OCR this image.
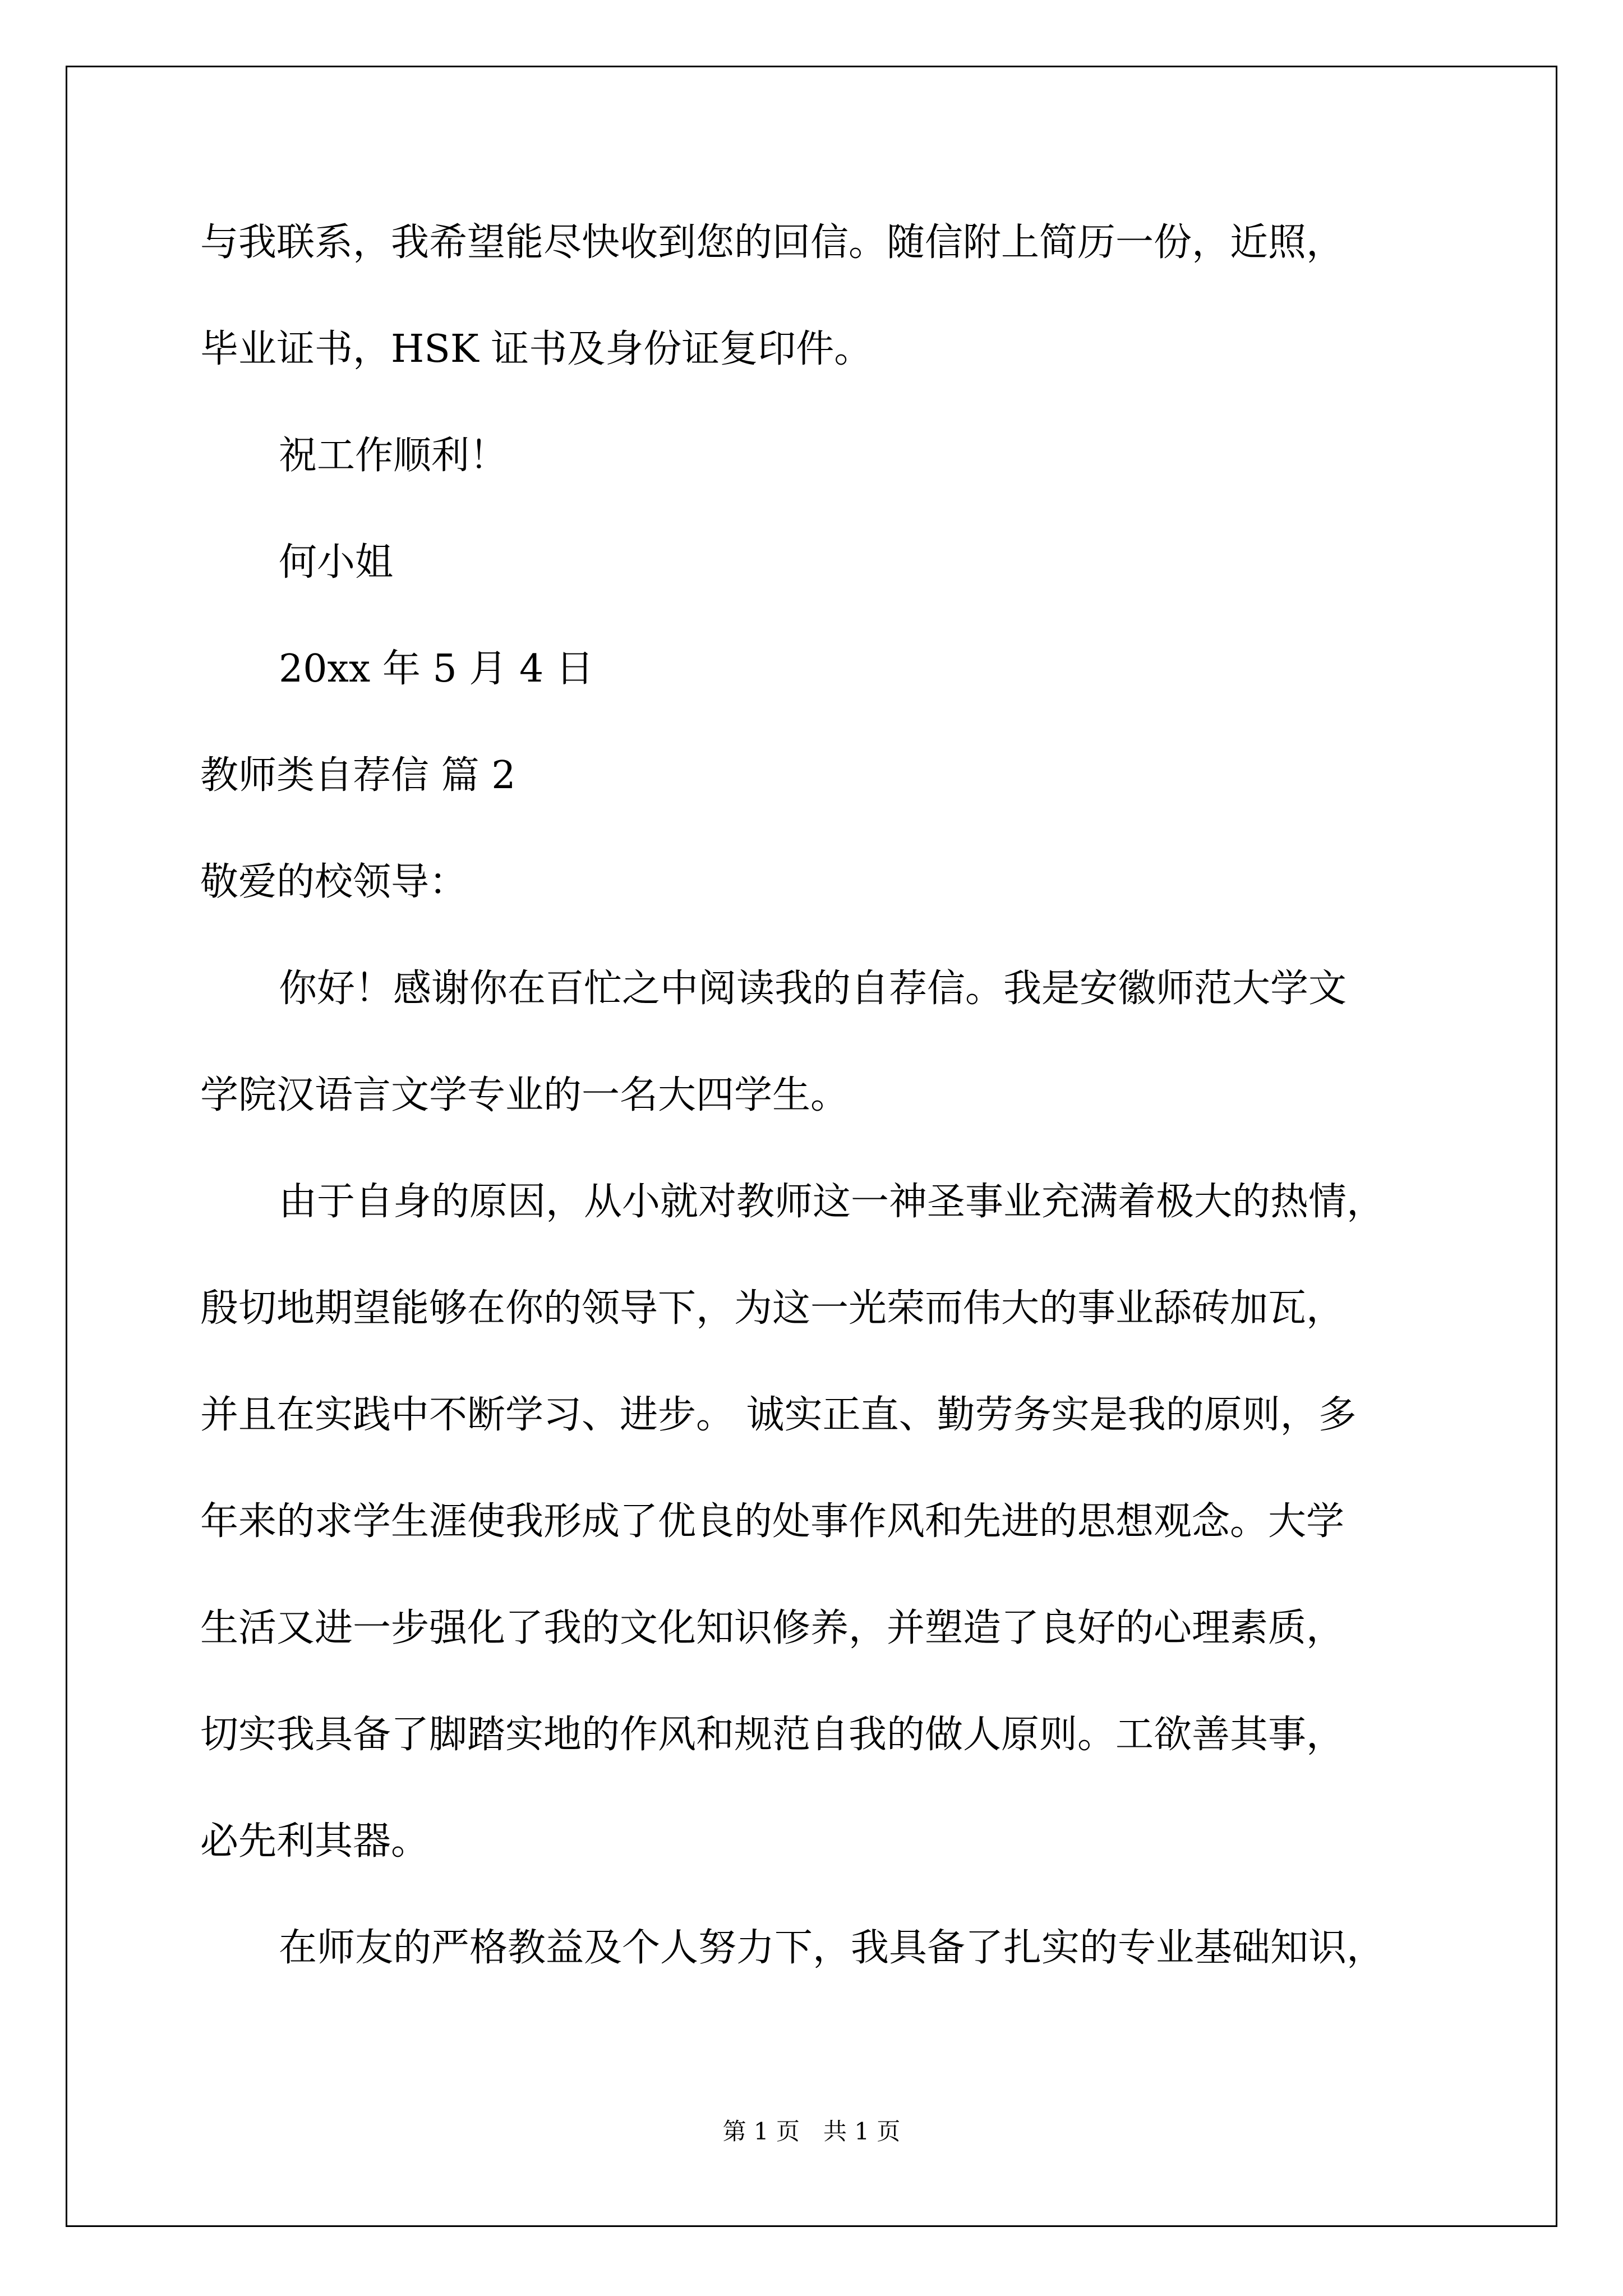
与我联系，我希望能尽快收到您的回信。随信附上简历一份，近照，
毕业证书，HSK 证书及身份证复印件。
祝工作顺利！
何小姐
20xx 年 5 月 4 日
教师类自荐信 篇 2
敬爱的校领导：
你好！感谢你在百忙之中阅读我的自荐信。我是安徽师范大学文
学院汉语言文学专业的一名大四学生。
由于自身的原因，从小就对教师这一神圣事业充满着极大的热情，
殷切地期望能够在你的领导下，为这一光荣而伟大的事业舔砖加瓦，
并且在实践中不断学习、进步。 诚实正直、勤劳务实是我的原则，多
年来的求学生涯使我形成了优良的处事作风和先进的思想观念。大学
生活又进一步强化了我的文化知识修养，并塑造了良好的心理素质，
切实我具备了脚踏实地的作风和规范自我的做人原则。工欲善其事，
必先利其器。
在师友的严格教益及个人努力下，我具备了扎实的专业基础知识，
第 1 页　共 1 页
